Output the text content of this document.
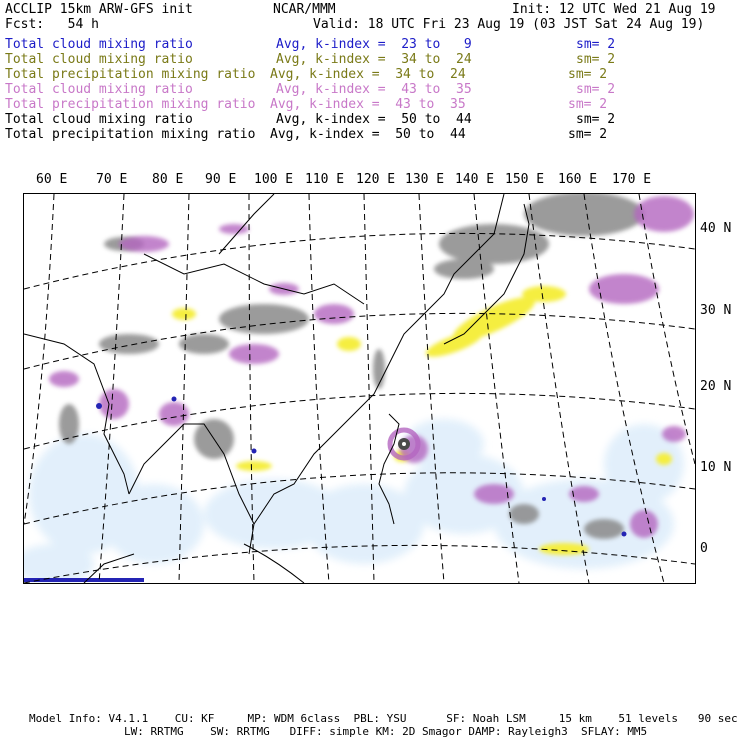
ACCLIP 15km ARW-GFS init	NCAR/MMM	Init: 12 UTC Wed 21 Aug 19
Fcst:   54 h	Valid: 18 UTC Fri 23 Aug 19 (03 JST Sat 24 Aug 19)
Total cloud mixing ratio	Avg, k-index =  23 to   9	sm= 2
Total cloud mixing ratio	Avg, k-index =  34 to  24	sm= 2
Total precipitation mixing ratio Avg, k-index =  34 to  24	sm= 2
Total cloud mixing ratio	Avg, k-index =  43 to  35	sm= 2
Total precipitation mixing ratio Avg, k-index =  43 to  35	sm= 2
Total cloud mixing ratio	Avg, k-index =  50 to  44	sm= 2
Total precipitation mixing ratio Avg, k-index =  50 to  44	sm= 2
60 E 70 E 80 E 90 E 100 E 110 E 120 E 130 E 140 E 150 E 160 E 170 E
40 N
30 N
20 N
10 N
0
Model Info: V4.1.1    CU: KF     MP: WDM 6class  PBL: YSU      SF: Noah LSM     15 km    51 levels   90 sec
LW: RRTMG    SW: RRTMG   DIFF: simple KM: 2D Smagor DAMP: Rayleigh3  SFLAY: MM5
